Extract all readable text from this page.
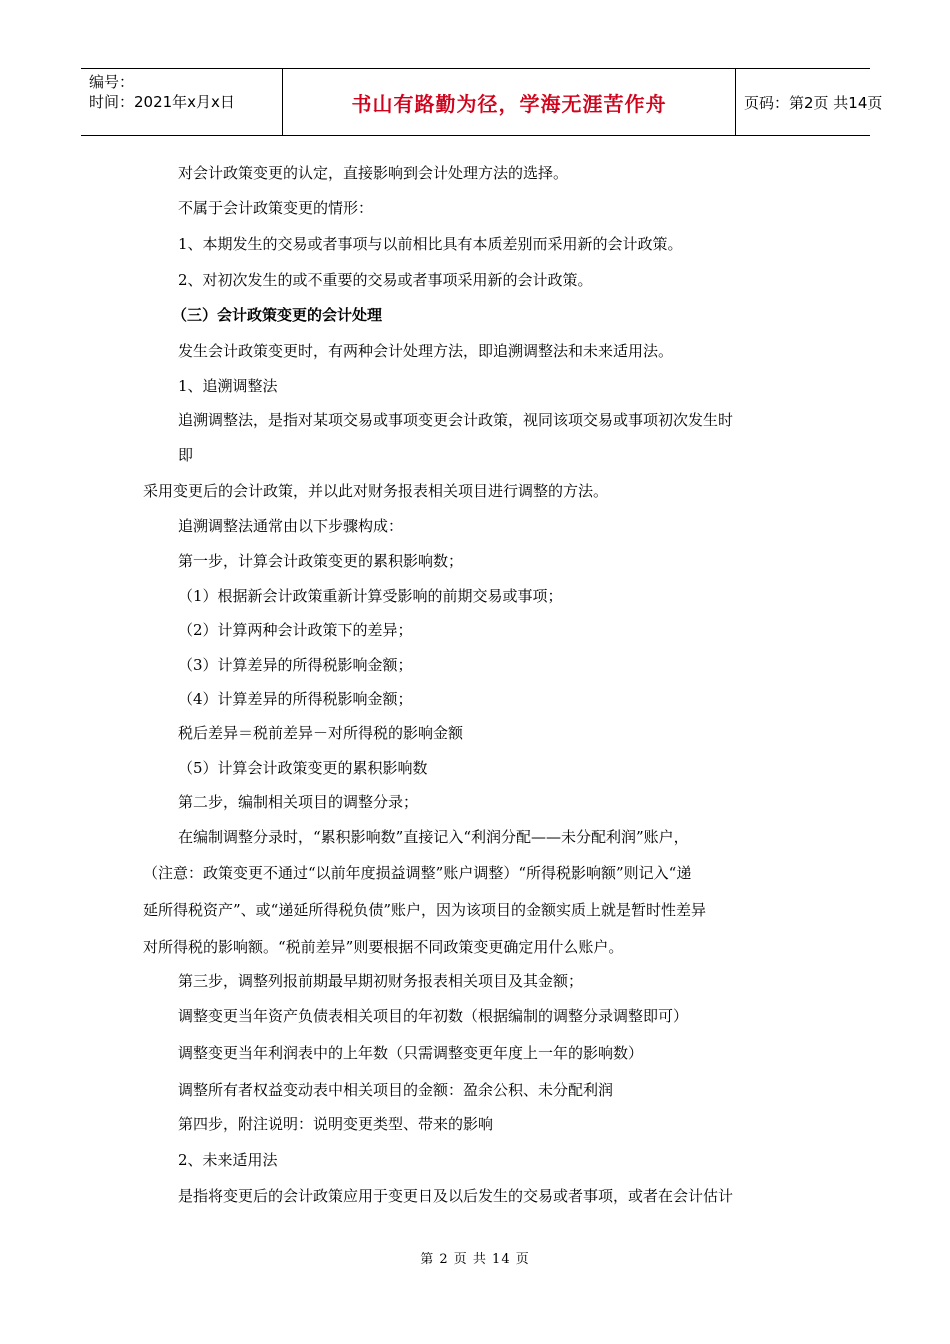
编号：
时间：2021年x月x日	书山有路勤为径，学海无涯苦作舟	页码：第2页 共14页
对会计政策变更的认定，直接影响到会计处理方法的选择。
不属于会计政策变更的情形：
1、本期发生的交易或者事项与以前相比具有本质差别而采用新的会计政策。
2、对初次发生的或不重要的交易或者事项采用新的会计政策。
（三）会计政策变更的会计处理
发生会计政策变更时，有两种会计处理方法，即追溯调整法和未来适用法。
1、追溯调整法
追溯调整法，是指对某项交易或事项变更会计政策，视同该项交易或事项初次发生时
即
采用变更后的会计政策，并以此对财务报表相关项目进行调整的方法。
追溯调整法通常由以下步骤构成：
第一步，计算会计政策变更的累积影响数；
（1）根据新会计政策重新计算受影响的前期交易或事项；
（2）计算两种会计政策下的差异；
（3）计算差异的所得税影响金额；
（4）计算差异的所得税影响金额；
税后差异＝税前差异－对所得税的影响金额
（5）计算会计政策变更的累积影响数
第二步，编制相关项目的调整分录；
在编制调整分录时，“累积影响数”直接记入“利润分配——未分配利润”账户，
（注意：政策变更不通过“以前年度损益调整”账户调整）“所得税影响额”则记入“递
延所得税资产”、或“递延所得税负债”账户，因为该项目的金额实质上就是暂时性差异
对所得税的影响额。“税前差异”则要根据不同政策变更确定用什么账户。
第三步，调整列报前期最早期初财务报表相关项目及其金额；
调整变更当年资产负债表相关项目的年初数（根据编制的调整分录调整即可）
调整变更当年利润表中的上年数（只需调整变更年度上一年的影响数）
调整所有者权益变动表中相关项目的金额：盈余公积、未分配利润
第四步，附注说明：说明变更类型、带来的影响
2、未来适用法
是指将变更后的会计政策应用于变更日及以后发生的交易或者事项，或者在会计估计
第 2 页 共 14 页
